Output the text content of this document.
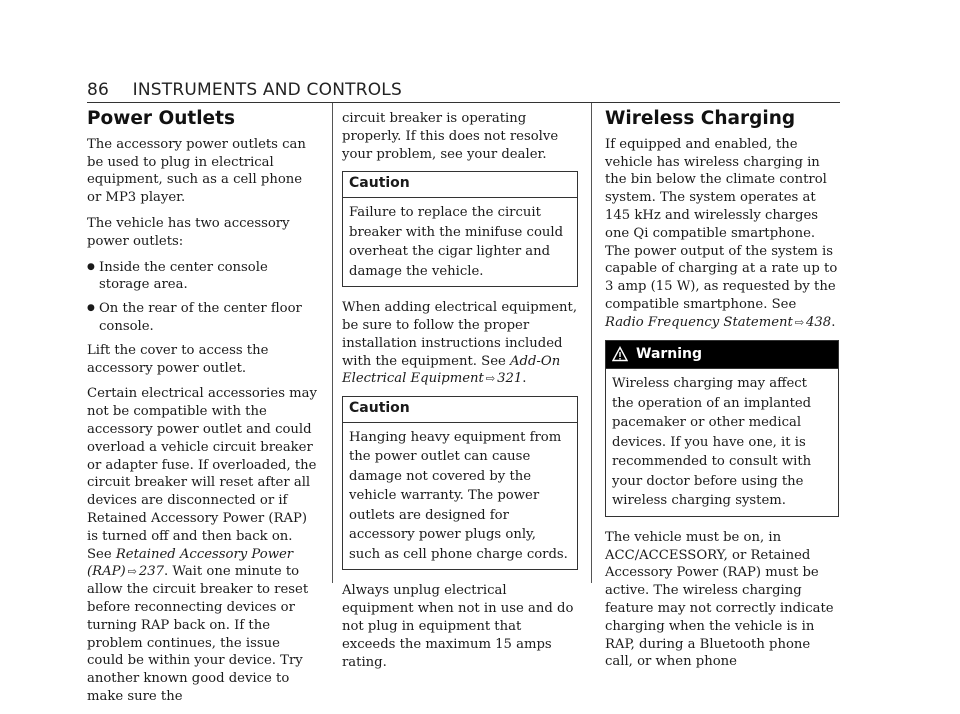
86 INSTRUMENTS AND CONTROLS
Power Outlets

The accessory power outlets can be used to plug in electrical equipment, such as a cell phone or MP3 player.

The vehicle has two accessory power outlets:

● Inside the center console storage area.
● On the rear of the center floor console.

Lift the cover to access the accessory power outlet.

Certain electrical accessories may not be compatible with the accessory power outlet and could overload a vehicle circuit breaker or adapter fuse. If overloaded, the circuit breaker will reset after all devices are disconnected or if Retained Accessory Power (RAP) is turned off and then back on. See Retained Accessory Power (RAP) ⇨ 237. Wait one minute to allow the circuit breaker to reset before reconnecting devices or turning RAP back on. If the problem continues, the issue could be within your device. Try another known good device to make sure the

circuit breaker is operating properly. If this does not resolve your problem, see your dealer.

Caution
Failure to replace the circuit breaker with the minifuse could overheat the cigar lighter and damage the vehicle.

When adding electrical equipment, be sure to follow the proper installation instructions included with the equipment. See Add-On Electrical Equipment ⇨ 321.

Caution
Hanging heavy equipment from the power outlet can cause damage not covered by the vehicle warranty. The power outlets are designed for accessory power plugs only, such as cell phone charge cords.

Always unplug electrical equipment when not in use and do not plug in equipment that exceeds the maximum 15 amps rating.

Wireless Charging

If equipped and enabled, the vehicle has wireless charging in the bin below the climate control system. The system operates at 145 kHz and wirelessly charges one Qi compatible smartphone. The power output of the system is capable of charging at a rate up to 3 amp (15 W), as requested by the compatible smartphone. See Radio Frequency Statement ⇨ 438.

Warning
Wireless charging may affect the operation of an implanted pacemaker or other medical devices. If you have one, it is recommended to consult with your doctor before using the wireless charging system.

The vehicle must be on, in ACC/ACCESSORY, or Retained Accessory Power (RAP) must be active. The wireless charging feature may not correctly indicate charging when the vehicle is in RAP, during a Bluetooth phone call, or when phone
